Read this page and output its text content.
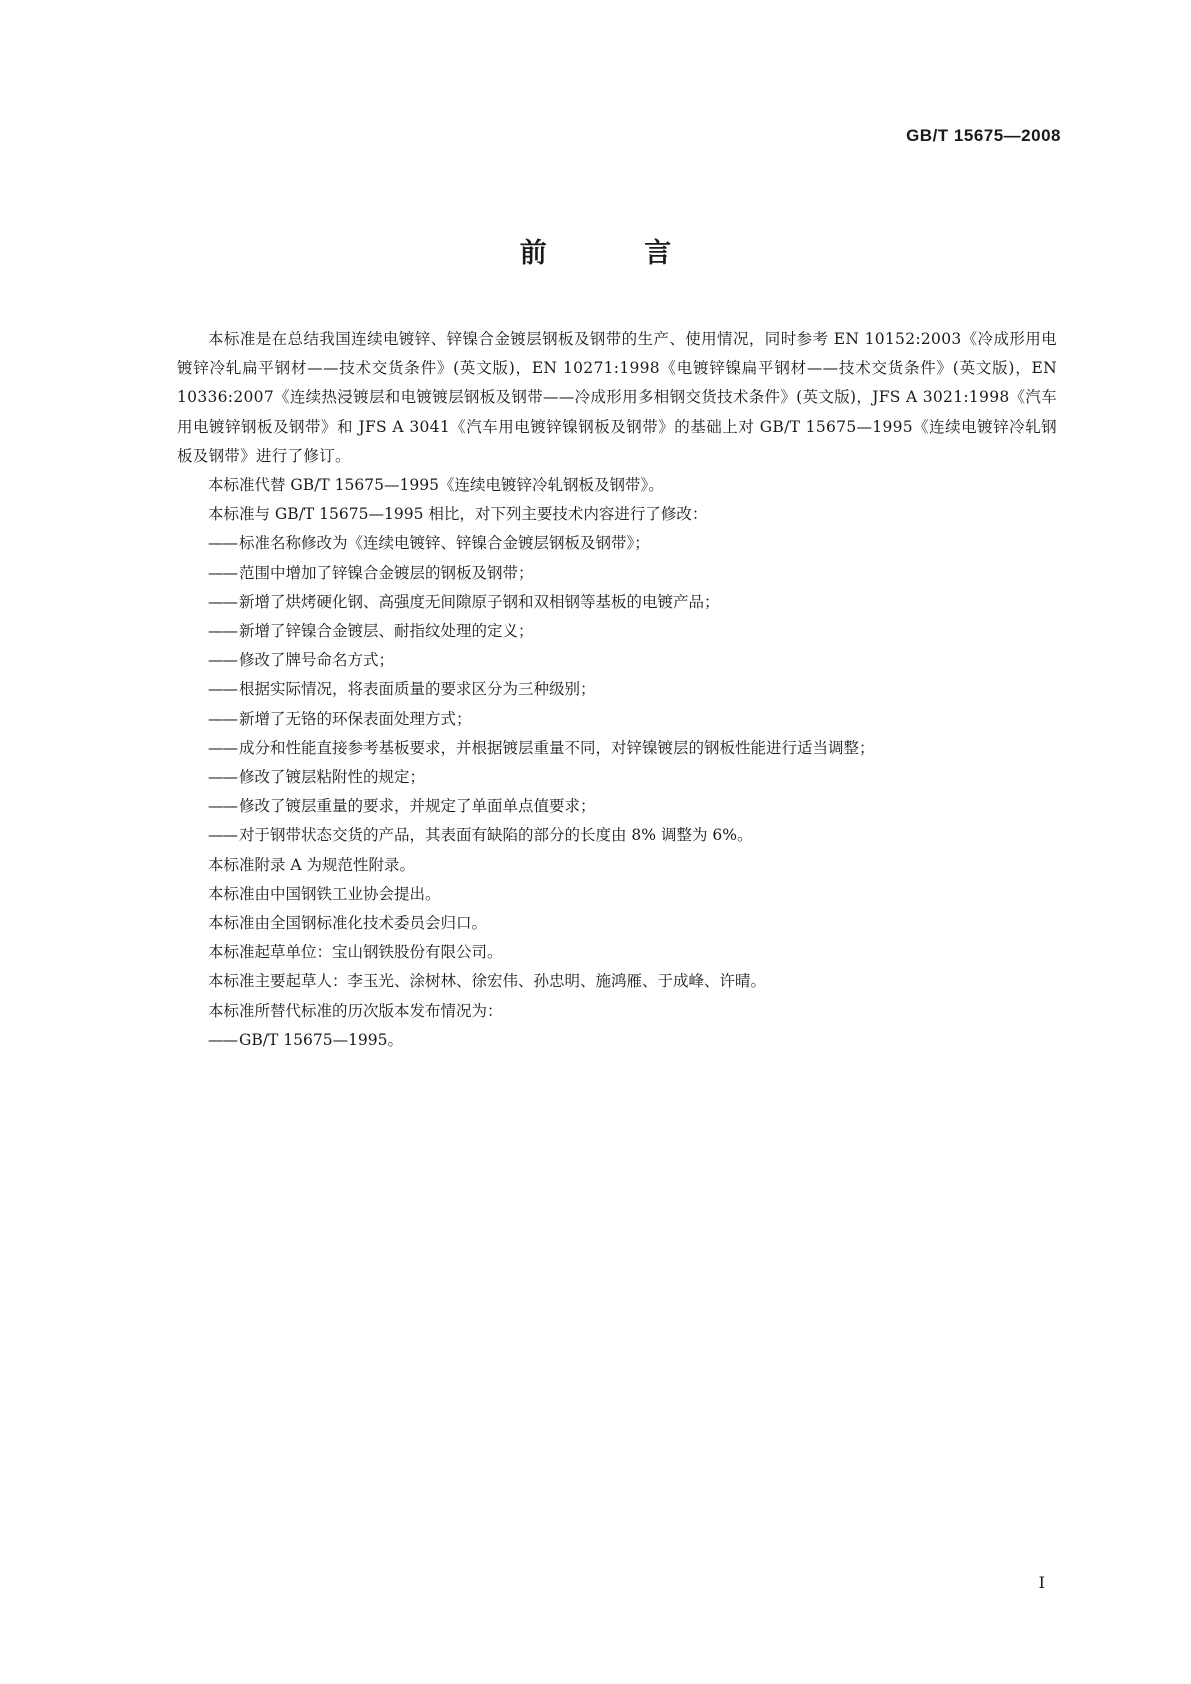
GB/T 15675—2008
前 言

本标准是在总结我国连续电镀锌、锌镍合金镀层钢板及钢带的生产、使用情况，同时参考 EN 10152:2003《冷成形用电镀锌冷轧扁平钢材——技术交货条件》(英文版)，EN 10271:1998《电镀锌镍扁平钢材——技术交货条件》(英文版)，EN 10336:2007《连续热浸镀层和电镀镀层钢板及钢带——冷成形用多相钢交货技术条件》(英文版)，JFS A 3021:1998《汽车用电镀锌钢板及钢带》和 JFS A 3041《汽车用电镀锌镍钢板及钢带》的基础上对 GB/T 15675—1995《连续电镀锌冷轧钢板及钢带》进行了修订。

本标准代替 GB/T 15675—1995《连续电镀锌冷轧钢板及钢带》。

本标准与 GB/T 15675—1995 相比，对下列主要技术内容进行了修改：

—— 标准名称修改为《连续电镀锌、锌镍合金镀层钢板及钢带》；

—— 范围中增加了锌镍合金镀层的钢板及钢带；

—— 新增了烘烤硬化钢、高强度无间隙原子钢和双相钢等基板的电镀产品；

—— 新增了锌镍合金镀层、耐指纹处理的定义；

—— 修改了牌号命名方式；

—— 根据实际情况，将表面质量的要求区分为三种级别；

—— 新增了无铬的环保表面处理方式；

—— 成分和性能直接参考基板要求，并根据镀层重量不同，对锌镍镀层的钢板性能进行适当调整；

—— 修改了镀层粘附性的规定；

—— 修改了镀层重量的要求，并规定了单面单点值要求；

—— 对于钢带状态交货的产品，其表面有缺陷的部分的长度由 8% 调整为 6%。

本标准附录 A 为规范性附录。

本标准由中国钢铁工业协会提出。

本标准由全国钢标准化技术委员会归口。

本标准起草单位：宝山钢铁股份有限公司。

本标准主要起草人：李玉光、涂树林、徐宏伟、孙忠明、施鸿雁、于成峰、许晴。

本标准所替代标准的历次版本发布情况为：

—— GB/T 15675—1995。

I
